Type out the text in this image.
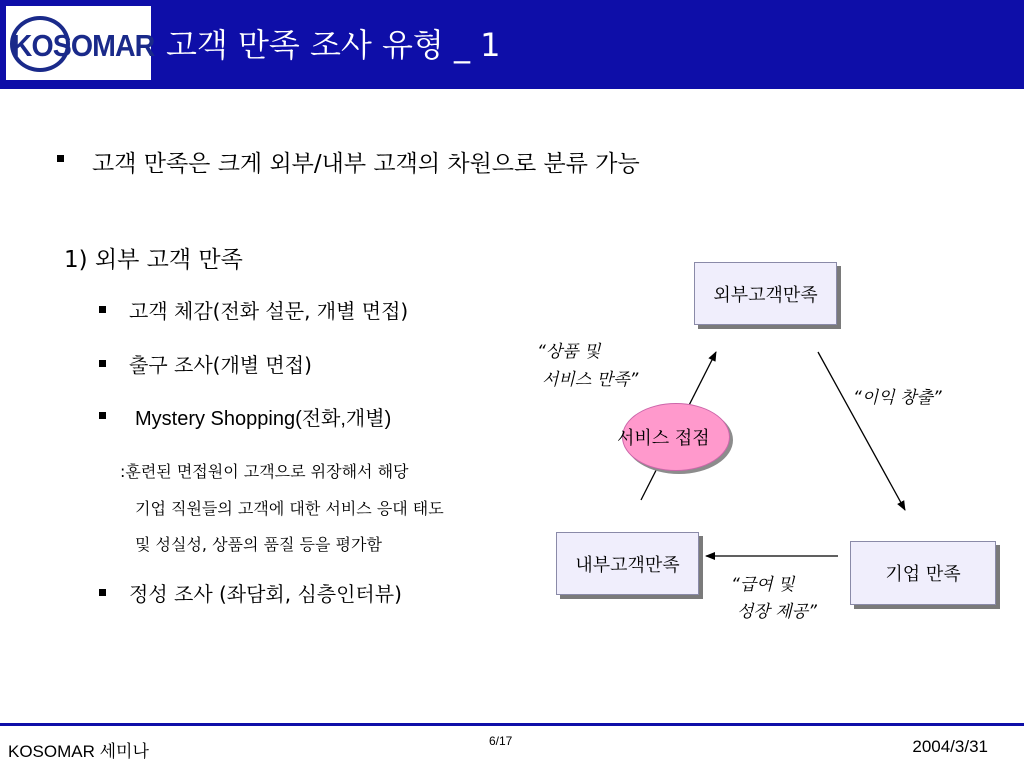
KOSOMAR 고객 만족 조사 유형 _ 1
고객 만족은 크게 외부/내부 고객의 차원으로 분류 가능
1) 외부 고객 만족
고객 체감(전화 설문, 개별 면접)
출구 조사(개별 면접)
Mystery Shopping(전화,개별)
:훈련된 면접원이 고객으로 위장해서 해당
기업 직원들의 고객에 대한 서비스 응대 태도
및 성실성, 상품의 품질 등을 평가함
정성 조사 (좌담회, 심층인터뷰)
외부고객만족
내부고객만족	기업 만족
서비스 접점
“상품 및
서비스 만족”
“이익 창출”
“급여 및
성장 제공”
KOSOMAR 세미나
6/17	2004/3/31
